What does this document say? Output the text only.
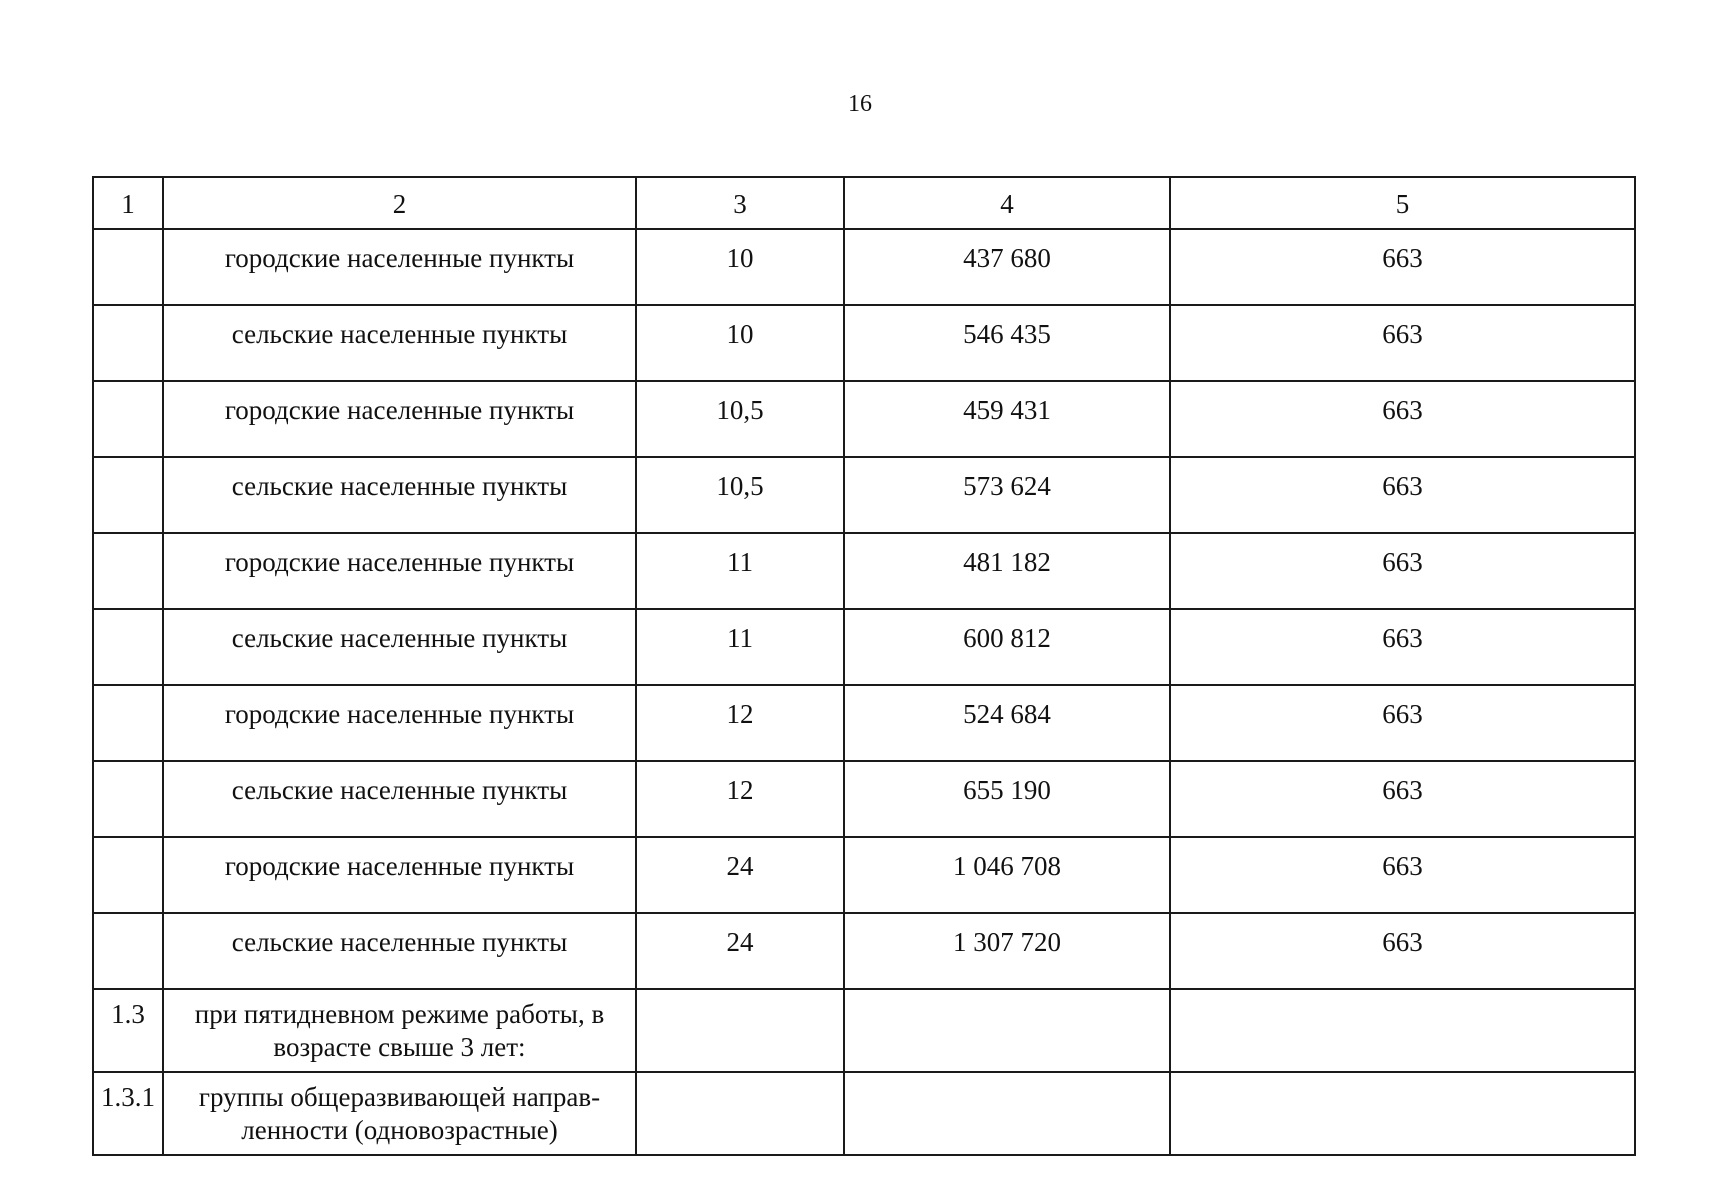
16
1	2	3	4	5
	городские населенные пункты	10	437 680	663
	сельские населенные пункты	10	546 435	663
	городские населенные пункты	10,5	459 431	663
	сельские населенные пункты	10,5	573 624	663
	городские населенные пункты	11	481 182	663
	сельские населенные пункты	11	600 812	663
	городские населенные пункты	12	524 684	663
	сельские населенные пункты	12	655 190	663
	городские населенные пункты	24	1 046 708	663
	сельские населенные пункты	24	1 307 720	663
1.3	при пятидневном режиме работы, в
возрасте свыше 3 лет:			

1.3.1	группы общеразвивающей направ-
ленности (одновозрастные)			
